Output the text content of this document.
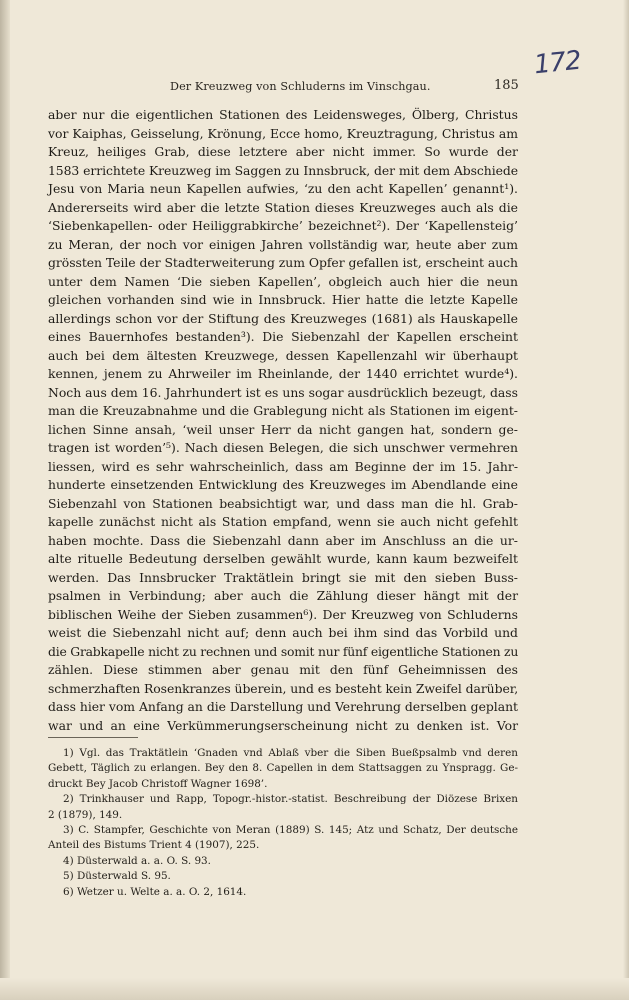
Der Kreuzweg von Schluderns im Vinschgau.	185
172
aber nur die eigentlichen Stationen des Leidensweges, Ölberg, Christus
vor Kaiphas, Geisselung, Krönung, Ecce homo, Kreuztragung, Christus am
Kreuz, heiliges Grab, diese letztere aber nicht immer. So wurde der
1583 errichtete Kreuzweg im Saggen zu Innsbruck, der mit dem Abschiede
Jesu von Maria neun Kapellen aufwies, ‘zu den acht Kapellen’ genannt¹).
Andererseits wird aber die letzte Station dieses Kreuzweges auch als die
‘Siebenkapellen- oder Heiliggrabkirche’ bezeichnet²). Der ‘Kapellensteig’
zu Meran, der noch vor einigen Jahren vollständig war, heute aber zum
grössten Teile der Stadterweiterung zum Opfer gefallen ist, erscheint auch
unter dem Namen ‘Die sieben Kapellen’, obgleich auch hier die neun
gleichen vorhanden sind wie in Innsbruck. Hier hatte die letzte Kapelle
allerdings schon vor der Stiftung des Kreuzweges (1681) als Hauskapelle
eines Bauernhofes bestanden³). Die Siebenzahl der Kapellen erscheint
auch bei dem ältesten Kreuzwege, dessen Kapellenzahl wir überhaupt
kennen, jenem zu Ahrweiler im Rheinlande, der 1440 errichtet wurde⁴).
Noch aus dem 16. Jahrhundert ist es uns sogar ausdrücklich bezeugt, dass
man die Kreuzabnahme und die Grablegung nicht als Stationen im eigent-
lichen Sinne ansah, ‘weil unser Herr da nicht gangen hat, sondern ge-
tragen ist worden’⁵). Nach diesen Belegen, die sich unschwer vermehren
liessen, wird es sehr wahrscheinlich, dass am Beginne der im 15. Jahr-
hunderte einsetzenden Entwicklung des Kreuzweges im Abendlande eine
Siebenzahl von Stationen beabsichtigt war, und dass man die hl. Grab-
kapelle zunächst nicht als Station empfand, wenn sie auch nicht gefehlt
haben mochte. Dass die Siebenzahl dann aber im Anschluss an die ur-
alte rituelle Bedeutung derselben gewählt wurde, kann kaum bezweifelt
werden. Das Innsbrucker Traktätlein bringt sie mit den sieben Buss-
psalmen in Verbindung; aber auch die Zählung dieser hängt mit der
biblischen Weihe der Sieben zusammen⁶). Der Kreuzweg von Schluderns
weist die Siebenzahl nicht auf; denn auch bei ihm sind das Vorbild und
die Grabkapelle nicht zu rechnen und somit nur fünf eigentliche Stationen zu
zählen. Diese stimmen aber genau mit den fünf Geheimnissen des
schmerzhaften Rosenkranzes überein, und es besteht kein Zweifel darüber,
dass hier vom Anfang an die Darstellung und Verehrung derselben geplant
war und an eine Verkümmerungserscheinung nicht zu denken ist. Vor
1) Vgl. das Traktätlein ‘Gnaden vnd Ablaß vber die Siben Bueßpsalmb vnd deren
Gebett, Täglich zu erlangen. Bey den 8. Capellen in dem Stattsaggen zu Ynspragg. Ge-
druckt Bey Jacob Christoff Wagner 1698’.
2) Trinkhauser und Rapp, Topogr.-histor.-statist. Beschreibung der Diözese Brixen
2 (1879), 149.
3) C. Stampfer, Geschichte von Meran (1889) S. 145; Atz und Schatz, Der deutsche
Anteil des Bistums Trient 4 (1907), 225.
4) Düsterwald a. a. O. S. 93.
5) Düsterwald S. 95.
6) Wetzer u. Welte a. a. O. 2, 1614.
